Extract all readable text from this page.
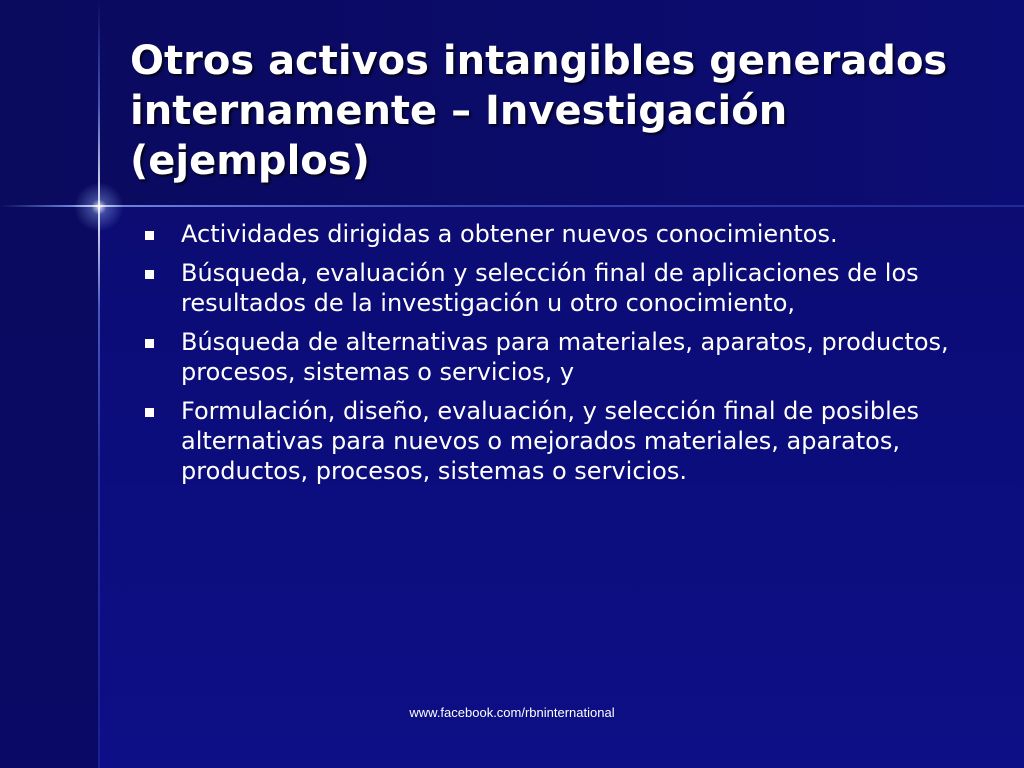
Otros activos intangibles generados internamente – Investigación (ejemplos)
Actividades dirigidas a obtener nuevos conocimientos.
Búsqueda, evaluación y selección final de aplicaciones de los resultados de la investigación u otro conocimiento,
Búsqueda de alternativas para materiales, aparatos, productos, procesos, sistemas o servicios, y
Formulación, diseño, evaluación, y selección final de posibles alternativas para nuevos o mejorados materiales, aparatos, productos, procesos, sistemas o servicios.
www.facebook.com/rbninternational
